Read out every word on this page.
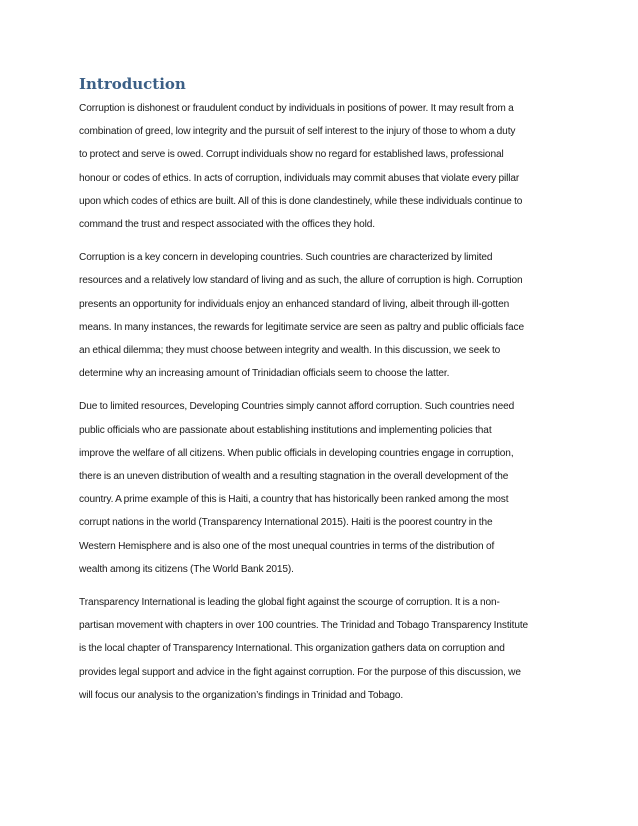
Introduction

Corruption is dishonest or fraudulent conduct by individuals in positions of power. It may result from a
combination of greed, low integrity and the pursuit of self interest to the injury of those to whom a duty
to protect and serve is owed. Corrupt individuals show no regard for established laws, professional
honour or codes of ethics. In acts of corruption, individuals may commit abuses that violate every pillar
upon which codes of ethics are built. All of this is done clandestinely, while these individuals continue to
command the trust and respect associated with the offices they hold.

Corruption is a key concern in developing countries. Such countries are characterized by limited
resources and a relatively low standard of living and as such, the allure of corruption is high. Corruption
presents an opportunity for individuals enjoy an enhanced standard of living, albeit through ill-gotten
means. In many instances, the rewards for legitimate service are seen as paltry and public officials face
an ethical dilemma; they must choose between integrity and wealth. In this discussion, we seek to
determine why an increasing amount of Trinidadian officials seem to choose the latter.

Due to limited resources, Developing Countries simply cannot afford corruption. Such countries need
public officials who are passionate about establishing institutions and implementing policies that
improve the welfare of all citizens. When public officials in developing countries engage in corruption,
there is an uneven distribution of wealth and a resulting stagnation in the overall development of the
country. A prime example of this is Haiti, a country that has historically been ranked among the most
corrupt nations in the world (Transparency International 2015). Haiti is the poorest country in the
Western Hemisphere and is also one of the most unequal countries in terms of the distribution of
wealth among its citizens (The World Bank 2015).

Transparency International is leading the global fight against the scourge of corruption. It is a non-
partisan movement with chapters in over 100 countries. The Trinidad and Tobago Transparency Institute
is the local chapter of Transparency International. This organization gathers data on corruption and
provides legal support and advice in the fight against corruption. For the purpose of this discussion, we
will focus our analysis to the organization’s findings in Trinidad and Tobago.
